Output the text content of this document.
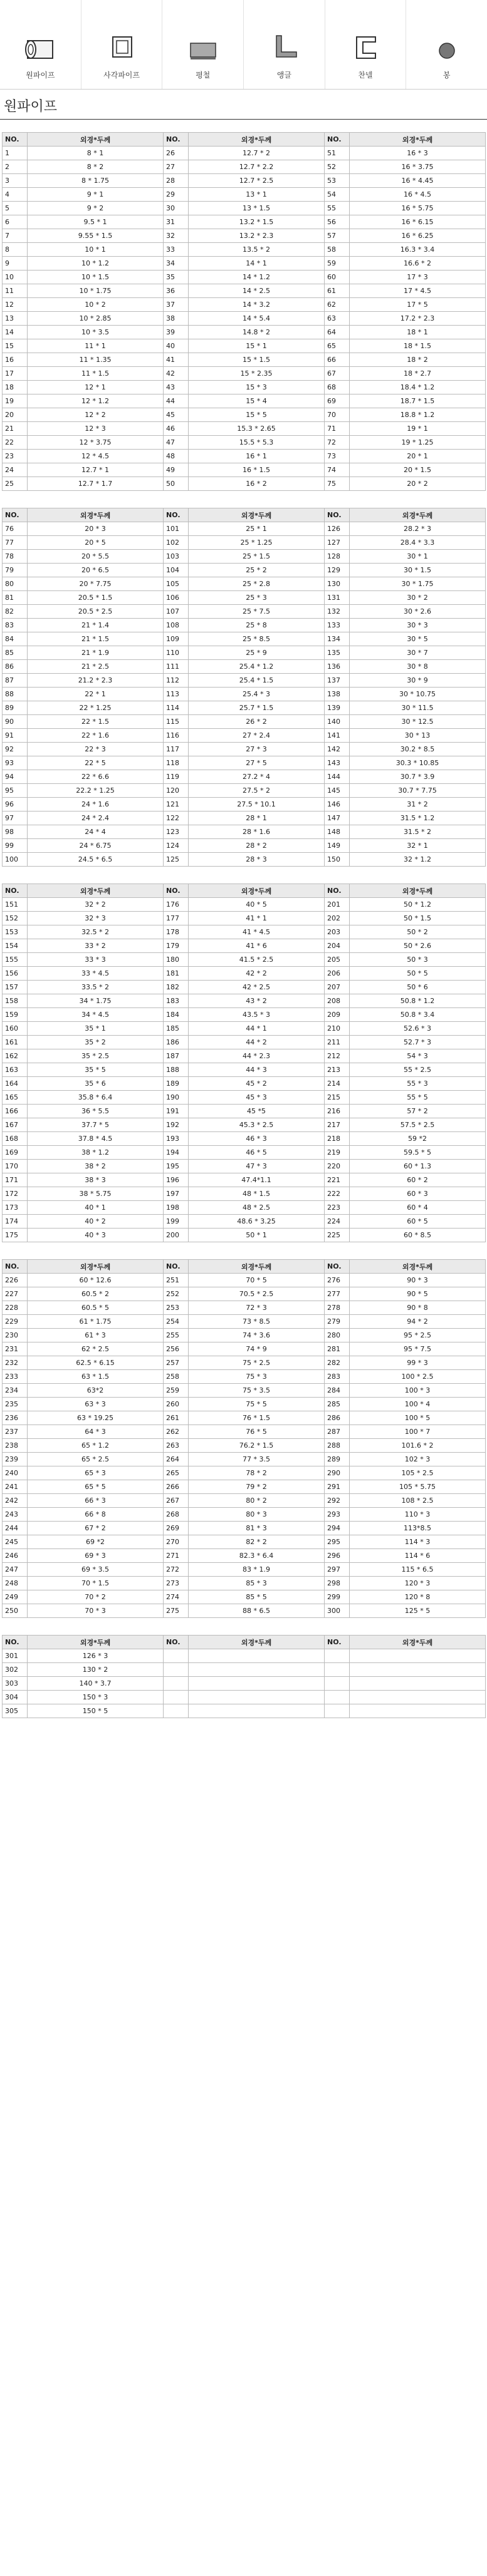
원파이프	사각파이프	평철	앵글	찬넬	봉
원파이프
NO.	외경*두께	NO.	외경*두께	NO.	외경*두께
1	8 * 1	26	12.7 * 2	51	16 * 3
2	8 * 2	27	12.7 * 2.2	52	16 * 3.75
3	8 * 1.75	28	12.7 * 2.5	53	16 * 4.45
4	9 * 1	29	13 * 1	54	16 * 4.5
5	9 * 2	30	13 * 1.5	55	16 * 5.75
6	9.5 * 1	31	13.2 * 1.5	56	16 * 6.15
7	9.55 * 1.5	32	13.2 * 2.3	57	16 * 6.25
8	10 * 1	33	13.5 * 2	58	16.3 * 3.4
9	10 * 1.2	34	14 * 1	59	16.6 * 2
10	10 * 1.5	35	14 * 1.2	60	17 * 3
11	10 * 1.75	36	14 * 2.5	61	17 * 4.5
12	10 * 2	37	14 * 3.2	62	17 * 5
13	10 * 2.85	38	14 * 5.4	63	17.2 * 2.3
14	10 * 3.5	39	14.8 * 2	64	18 * 1
15	11 * 1	40	15 * 1	65	18 * 1.5
16	11 * 1.35	41	15 * 1.5	66	18 * 2
17	11 * 1.5	42	15 * 2.35	67	18 * 2.7
18	12 * 1	43	15 * 3	68	18.4 * 1.2
19	12 * 1.2	44	15 * 4	69	18.7 * 1.5
20	12 * 2	45	15 * 5	70	18.8 * 1.2
21	12 * 3	46	15.3 * 2.65	71	19 * 1
22	12 * 3.75	47	15.5 * 5.3	72	19 * 1.25
23	12 * 4.5	48	16 * 1	73	20 * 1
24	12.7 * 1	49	16 * 1.5	74	20 * 1.5
25	12.7 * 1.7	50	16 * 2	75	20 * 2
NO.	외경*두께	NO.	외경*두께	NO.	외경*두께
76	20 * 3	101	25 * 1	126	28.2 * 3
77	20 * 5	102	25 * 1.25	127	28.4 * 3.3
78	20 * 5.5	103	25 * 1.5	128	30 * 1
79	20 * 6.5	104	25 * 2	129	30 * 1.5
80	20 * 7.75	105	25 * 2.8	130	30 * 1.75
81	20.5 * 1.5	106	25 * 3	131	30 * 2
82	20.5 * 2.5	107	25 * 7.5	132	30 * 2.6
83	21 * 1.4	108	25 * 8	133	30 * 3
84	21 * 1.5	109	25 * 8.5	134	30 * 5
85	21 * 1.9	110	25 * 9	135	30 * 7
86	21 * 2.5	111	25.4 * 1.2	136	30 * 8
87	21.2 * 2.3	112	25.4 * 1.5	137	30 * 9
88	22 * 1	113	25.4 * 3	138	30 * 10.75
89	22 * 1.25	114	25.7 * 1.5	139	30 * 11.5
90	22 * 1.5	115	26 * 2	140	30 * 12.5
91	22 * 1.6	116	27 * 2.4	141	30 * 13
92	22 * 3	117	27 * 3	142	30.2 * 8.5
93	22 * 5	118	27 * 5	143	30.3 * 10.85
94	22 * 6.6	119	27.2 * 4	144	30.7 * 3.9
95	22.2 * 1.25	120	27.5 * 2	145	30.7 * 7.75
96	24 * 1.6	121	27.5 * 10.1	146	31 * 2
97	24 * 2.4	122	28 * 1	147	31.5 * 1.2
98	24 * 4	123	28 * 1.6	148	31.5 * 2
99	24 * 6.75	124	28 * 2	149	32 * 1
100	24.5 * 6.5	125	28 * 3	150	32 * 1.2
NO.	외경*두께	NO.	외경*두께	NO.	외경*두께
151	32 * 2	176	40 * 5	201	50 * 1.2
152	32 * 3	177	41 * 1	202	50 * 1.5
153	32.5 * 2	178	41 * 4.5	203	50 * 2
154	33 * 2	179	41 * 6	204	50 * 2.6
155	33 * 3	180	41.5 * 2.5	205	50 * 3
156	33 * 4.5	181	42 * 2	206	50 * 5
157	33.5 * 2	182	42 * 2.5	207	50 * 6
158	34 * 1.75	183	43 * 2	208	50.8 * 1.2
159	34 * 4.5	184	43.5 * 3	209	50.8 * 3.4
160	35 * 1	185	44 * 1	210	52.6 * 3
161	35 * 2	186	44 * 2	211	52.7 * 3
162	35 * 2.5	187	44 * 2.3	212	54 * 3
163	35 * 5	188	44 * 3	213	55 * 2.5
164	35 * 6	189	45 * 2	214	55 * 3
165	35.8 * 6.4	190	45 * 3	215	55 * 5
166	36 * 5.5	191	45 *5	216	57 * 2
167	37.7 * 5	192	45.3 * 2.5	217	57.5 * 2.5
168	37.8 * 4.5	193	46 * 3	218	59 *2
169	38 * 1.2	194	46 * 5	219	59.5 * 5
170	38 * 2	195	47 * 3	220	60 * 1.3
171	38 * 3	196	47.4*1.1	221	60 * 2
172	38 * 5.75	197	48 * 1.5	222	60 * 3
173	40 * 1	198	48 * 2.5	223	60 * 4
174	40 * 2	199	48.6 * 3.25	224	60 * 5
175	40 * 3	200	50 * 1	225	60 * 8.5
NO.	외경*두께	NO.	외경*두께	NO.	외경*두께
226	60 * 12.6	251	70 * 5	276	90 * 3
227	60.5 * 2	252	70.5 * 2.5	277	90 * 5
228	60.5 * 5	253	72 * 3	278	90 * 8
229	61 * 1.75	254	73 * 8.5	279	94 * 2
230	61 * 3	255	74 * 3.6	280	95 * 2.5
231	62 * 2.5	256	74 * 9	281	95 * 7.5
232	62.5 * 6.15	257	75 * 2.5	282	99 * 3
233	63 * 1.5	258	75 * 3	283	100 * 2.5
234	63*2	259	75 * 3.5	284	100 * 3
235	63 * 3	260	75 * 5	285	100 * 4
236	63 * 19.25	261	76 * 1.5	286	100 * 5
237	64 * 3	262	76 * 5	287	100 * 7
238	65 * 1.2	263	76.2 * 1.5	288	101.6 * 2
239	65 * 2.5	264	77 * 3.5	289	102 * 3
240	65 * 3	265	78 * 2	290	105 * 2.5
241	65 * 5	266	79 * 2	291	105 * 5.75
242	66 * 3	267	80 * 2	292	108 * 2.5
243	66 * 8	268	80 * 3	293	110 * 3
244	67 * 2	269	81 * 3	294	113*8.5
245	69 *2	270	82 * 2	295	114 * 3
246	69 * 3	271	82.3 * 6.4	296	114 * 6
247	69 * 3.5	272	83 * 1.9	297	115 * 6.5
248	70 * 1.5	273	85 * 3	298	120 * 3
249	70 * 2	274	85 * 5	299	120 * 8
250	70 * 3	275	88 * 6.5	300	125 * 5
NO.	외경*두께	NO.	외경*두께	NO.	외경*두께
301	126 * 3				
302	130 * 2				
303	140 * 3.7				
304	150 * 3				
305	150 * 5				
